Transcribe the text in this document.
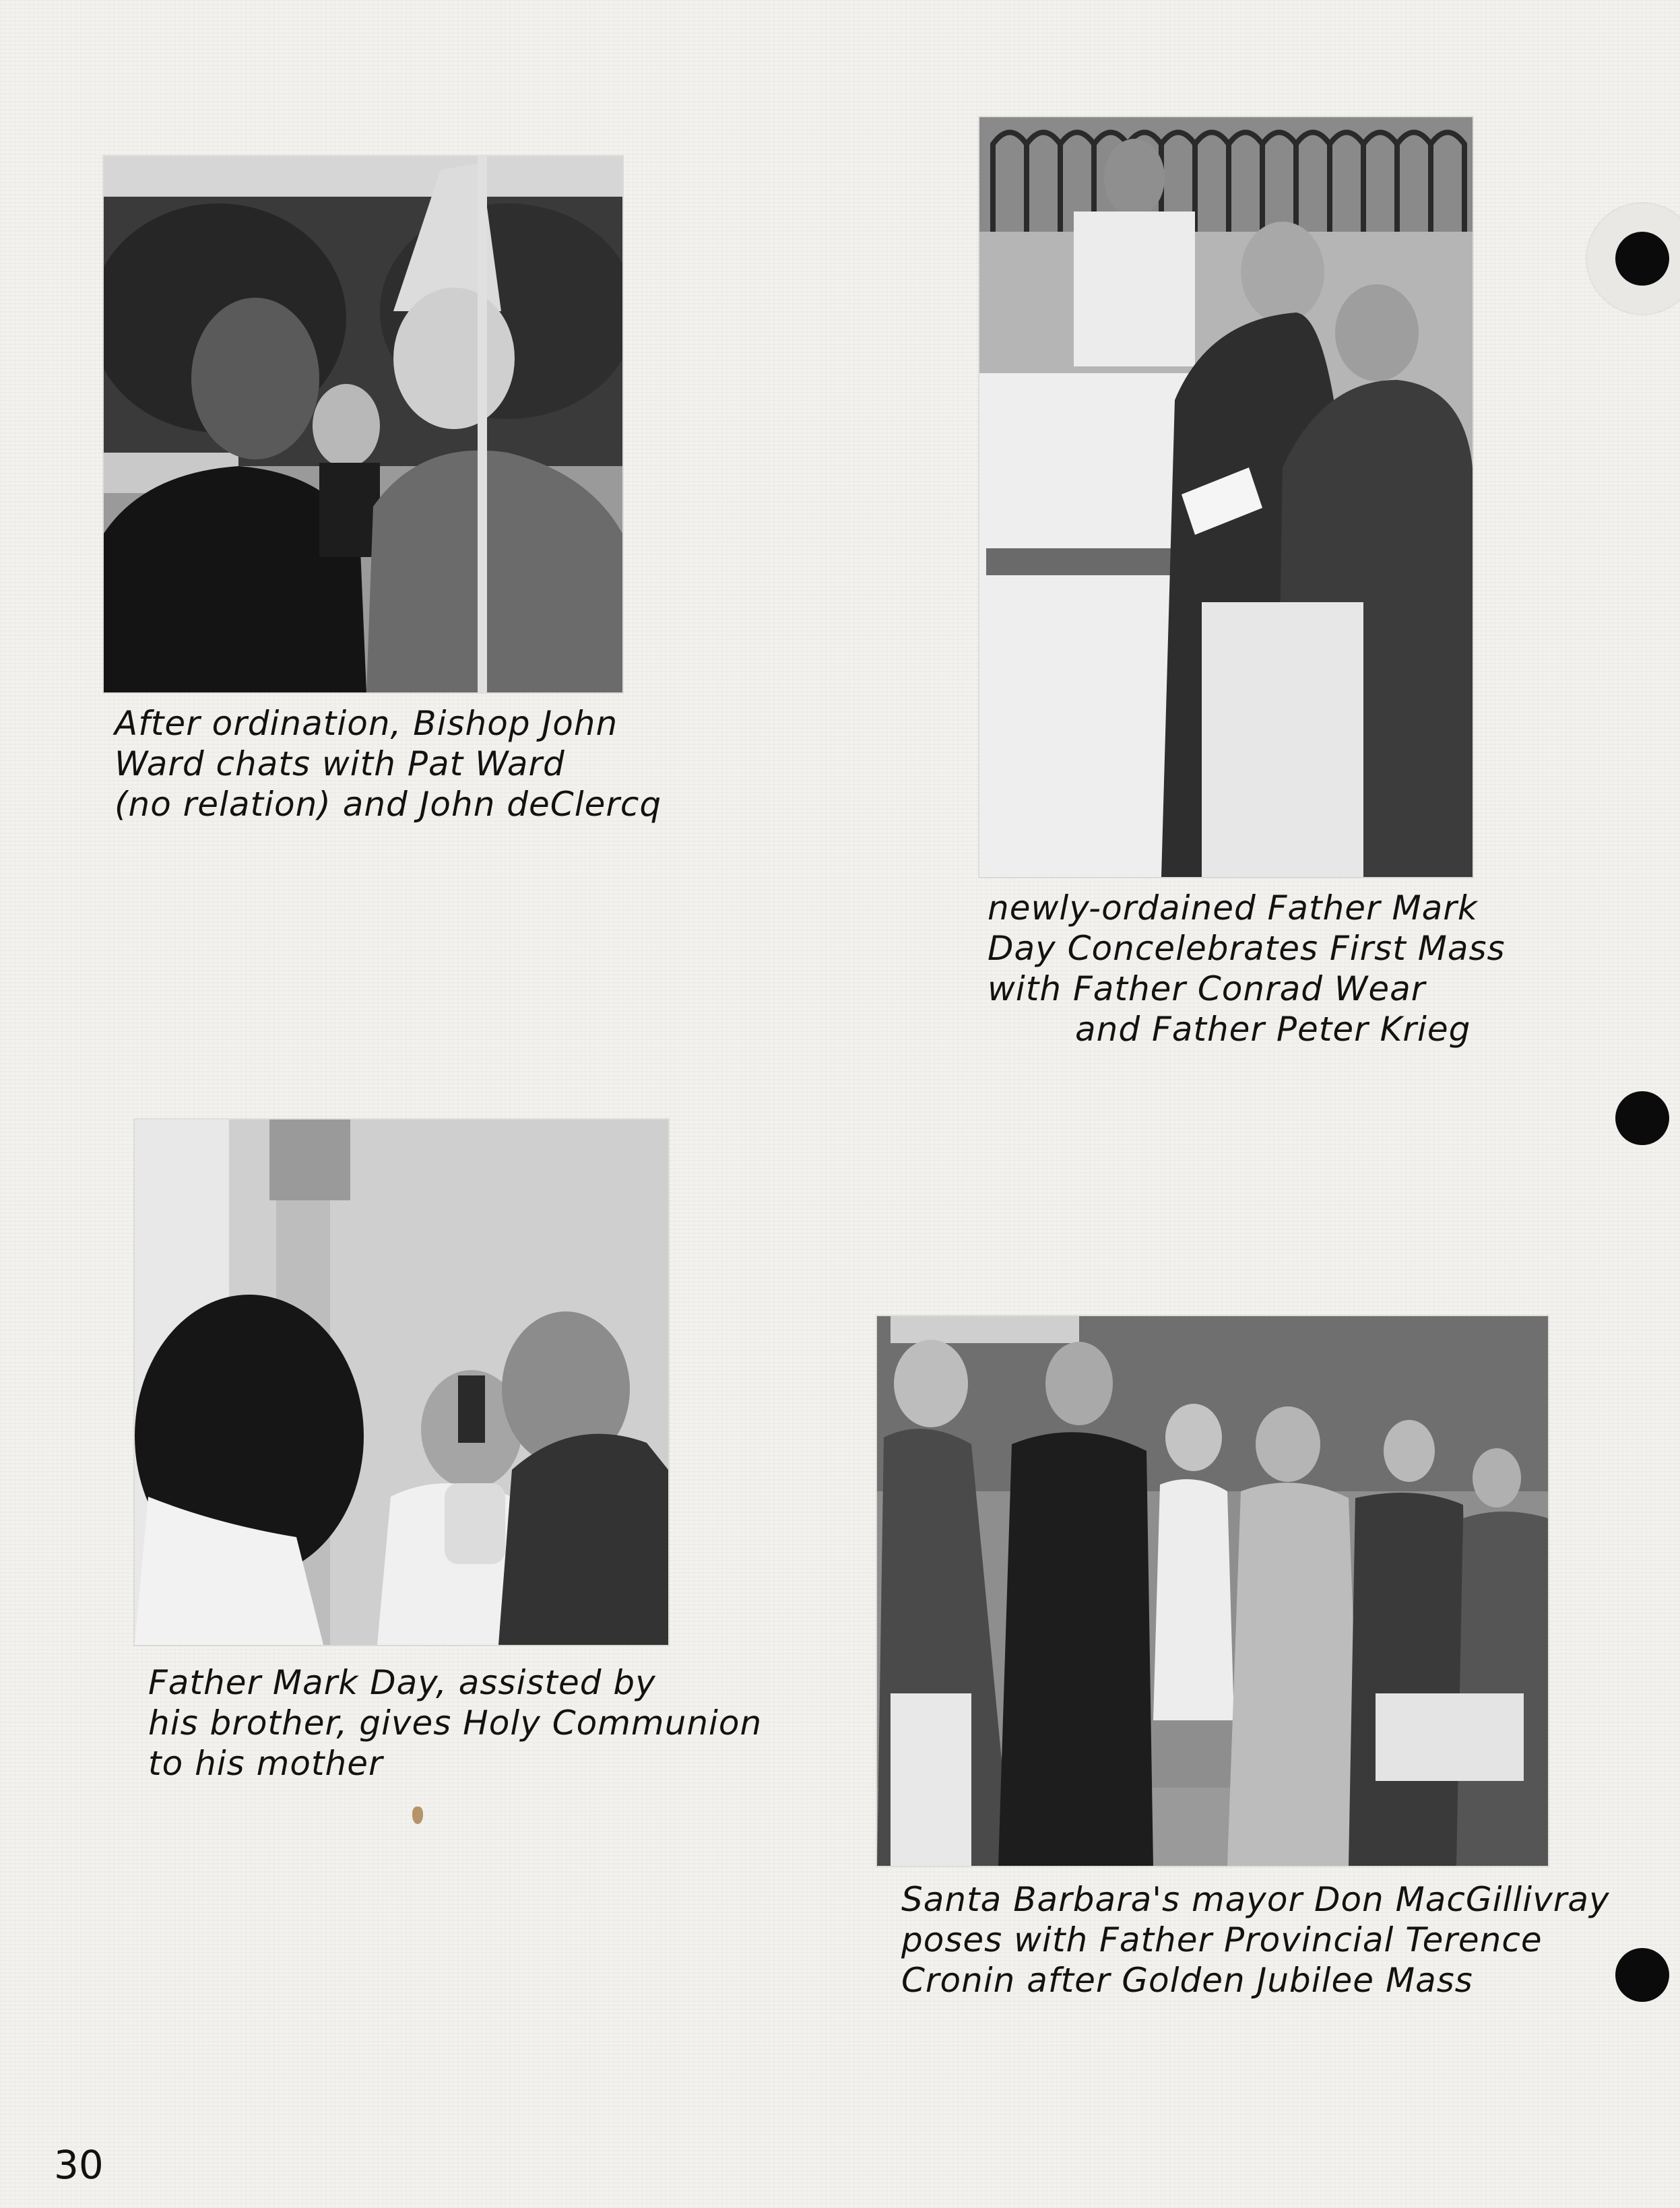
After ordination, Bishop John
Ward chats with Pat Ward
(no relation) and John deClercq
newly-ordained Father Mark
Day Concelebrates First Mass
with Father Conrad Wear
and Father Peter Krieg
Father Mark Day, assisted by
his brother, gives Holy Communion
to his mother
Santa Barbara's mayor Don MacGillivray
poses with Father Provincial Terence
Cronin after Golden Jubilee Mass
30
